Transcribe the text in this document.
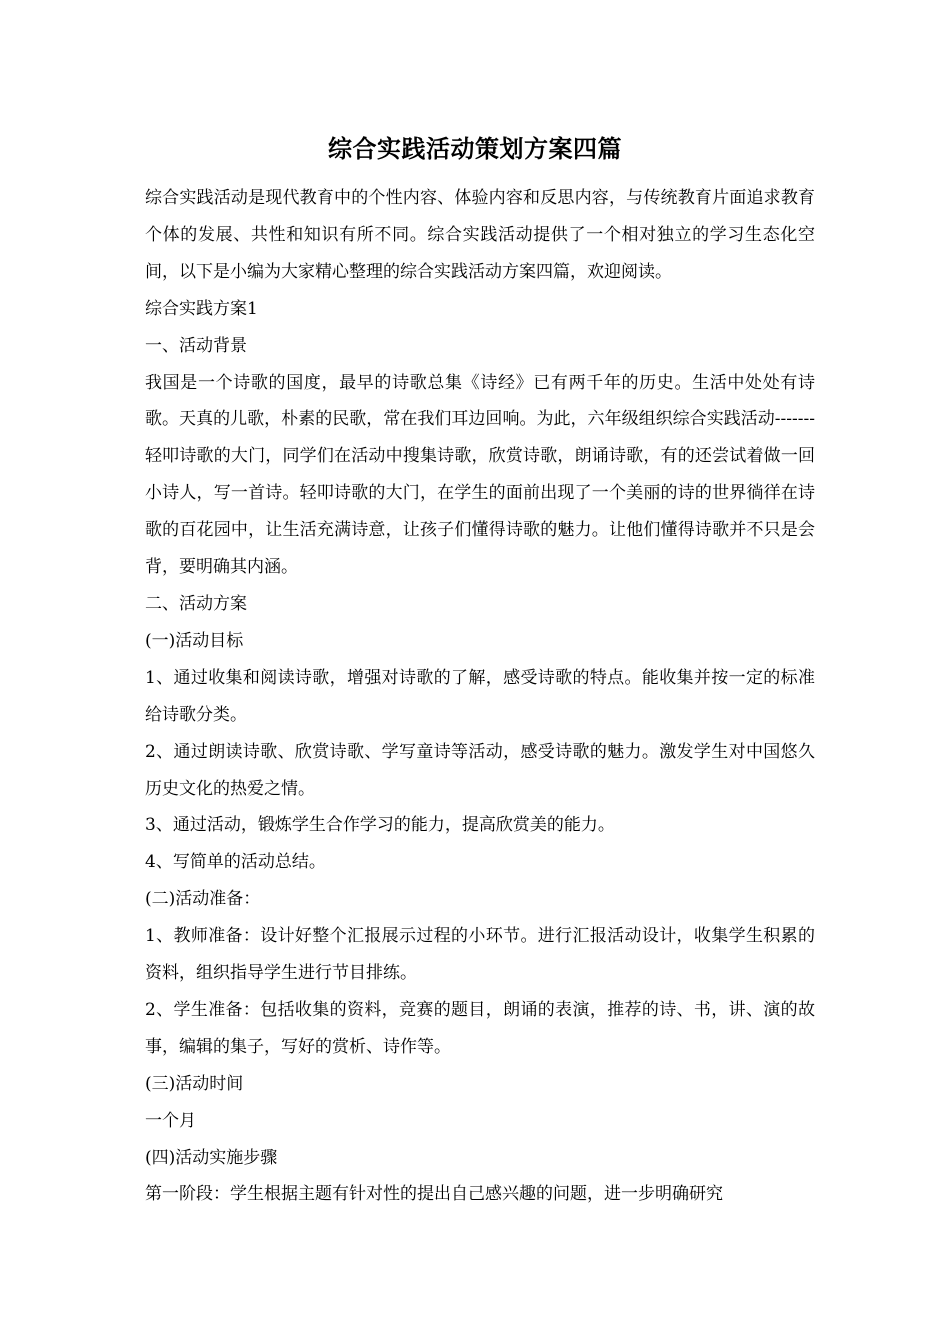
综合实践活动策划方案四篇

综合实践活动是现代教育中的个性内容、体验内容和反思内容，与传统教育片面追求教育个体的发展、共性和知识有所不同。综合实践活动提供了一个相对独立的学习生态化空间，以下是小编为大家精心整理的综合实践活动方案四篇，欢迎阅读。

综合实践方案1

一、活动背景

我国是一个诗歌的国度，最早的诗歌总集《诗经》已有两千年的历史。生活中处处有诗歌。天真的儿歌，朴素的民歌，常在我们耳边回响。为此，六年级组织综合实践活动-------轻叩诗歌的大门，同学们在活动中搜集诗歌，欣赏诗歌，朗诵诗歌，有的还尝试着做一回小诗人，写一首诗。轻叩诗歌的大门，在学生的面前出现了一个美丽的诗的世界徜徉在诗歌的百花园中，让生活充满诗意，让孩子们懂得诗歌的魅力。让他们懂得诗歌并不只是会背，要明确其内涵。

二、活动方案

(一)活动目标

1、通过收集和阅读诗歌，增强对诗歌的了解，感受诗歌的特点。能收集并按一定的标准给诗歌分类。

2、通过朗读诗歌、欣赏诗歌、学写童诗等活动，感受诗歌的魅力。激发学生对中国悠久历史文化的热爱之情。

3、通过活动，锻炼学生合作学习的能力，提高欣赏美的能力。

4、写简单的活动总结。

(二)活动准备：

1、教师准备：设计好整个汇报展示过程的小环节。进行汇报活动设计，收集学生积累的资料，组织指导学生进行节目排练。

2、学生准备：包括收集的资料，竞赛的题目，朗诵的表演，推荐的诗、书，讲、演的故事，编辑的集子，写好的赏析、诗作等。

(三)活动时间

一个月

(四)活动实施步骤

第一阶段：学生根据主题有针对性的提出自己感兴趣的问题，进一步明确研究
